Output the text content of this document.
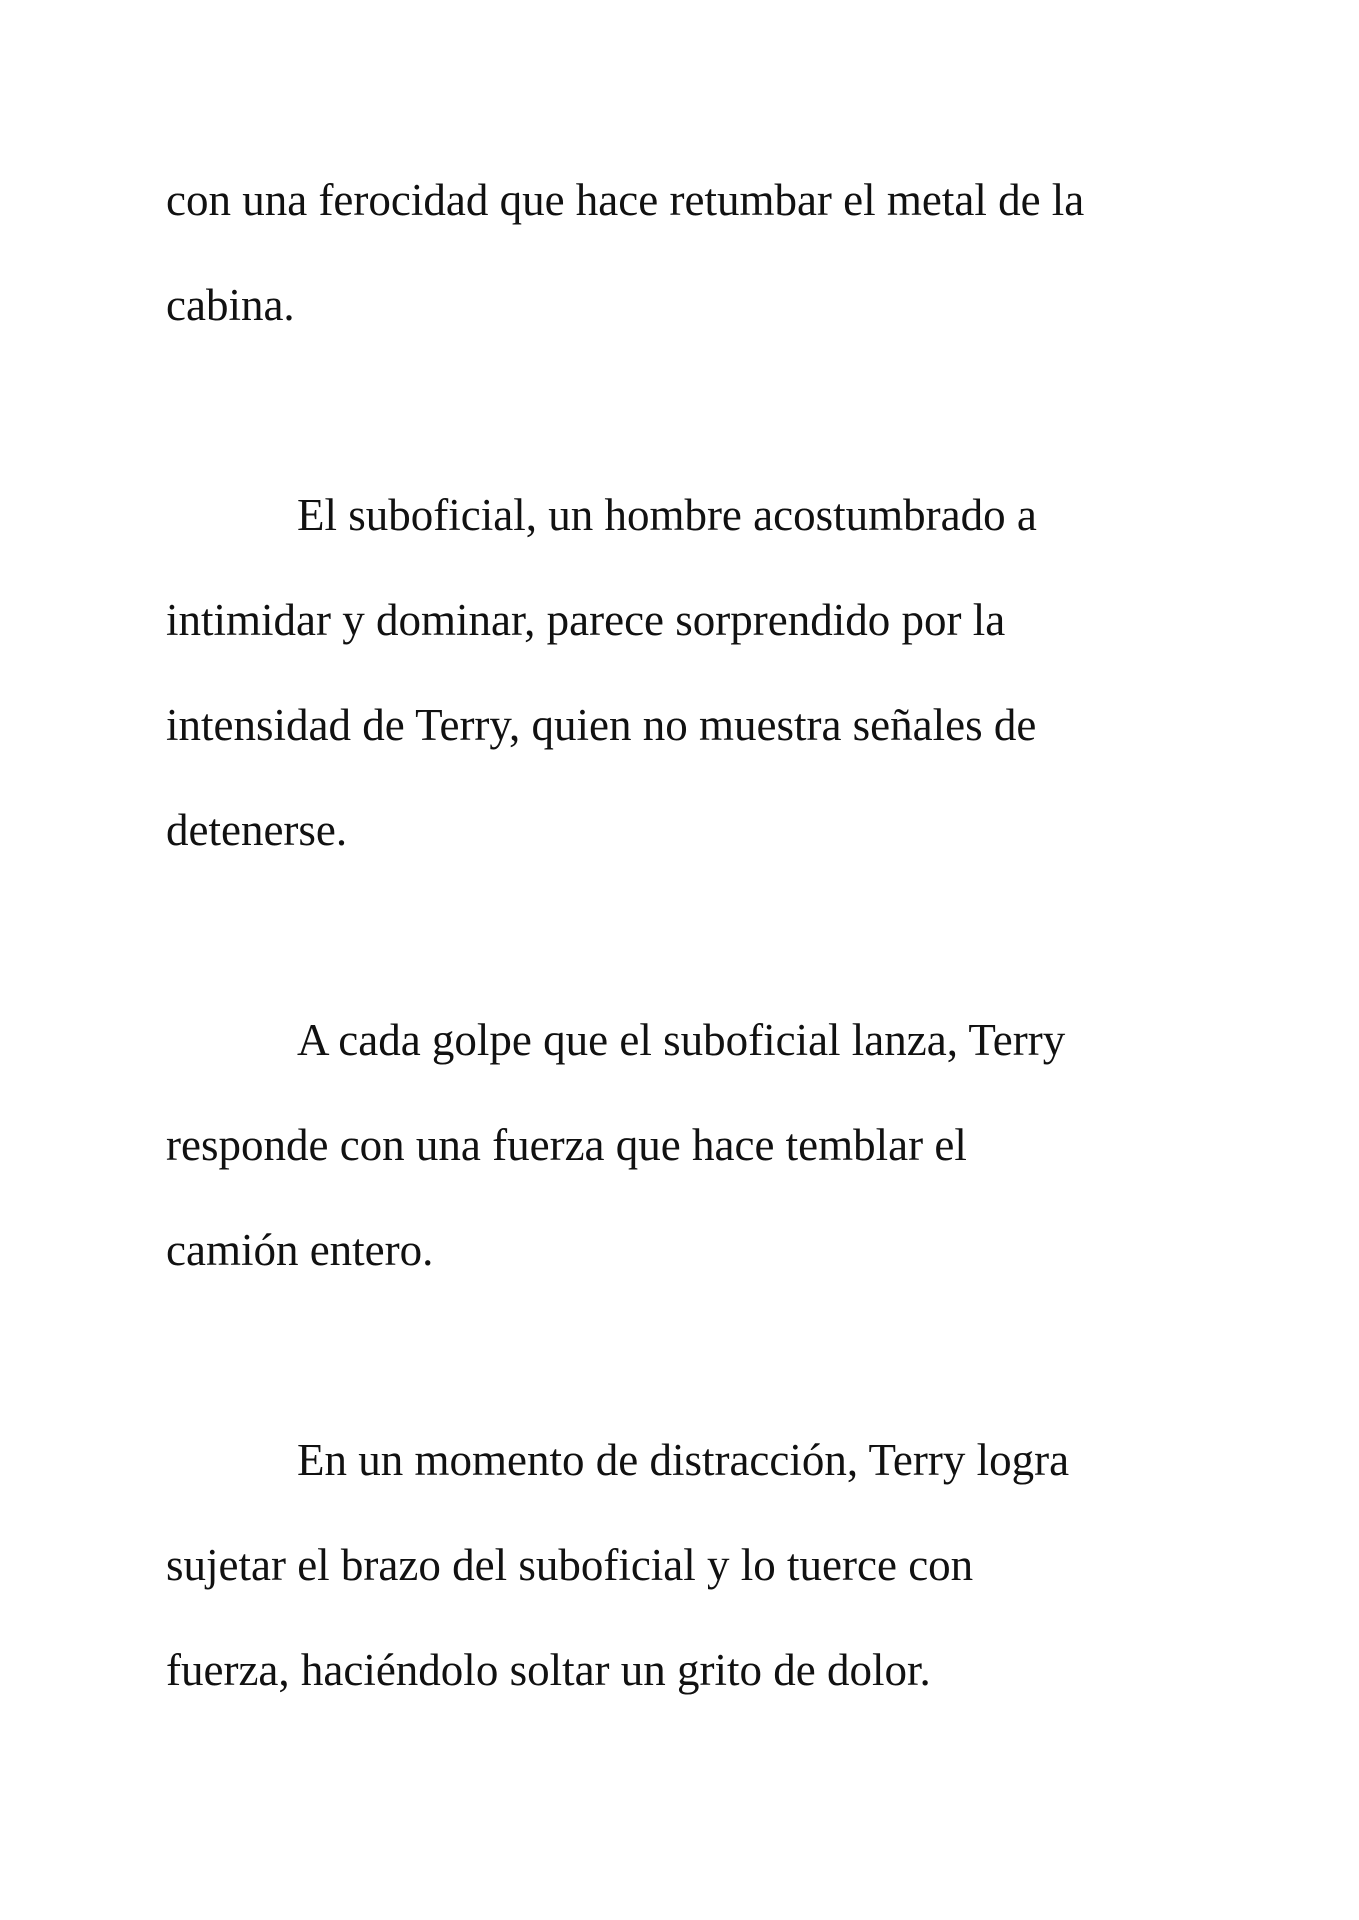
con una ferocidad que hace retumbar el metal de la
cabina.
El suboficial, un hombre acostumbrado a
intimidar y dominar, parece sorprendido por la
intensidad de Terry, quien no muestra señales de
detenerse.
A cada golpe que el suboficial lanza, Terry
responde con una fuerza que hace temblar el
camión entero.
En un momento de distracción, Terry logra
sujetar el brazo del suboficial y lo tuerce con
fuerza, haciéndolo soltar un grito de dolor.
